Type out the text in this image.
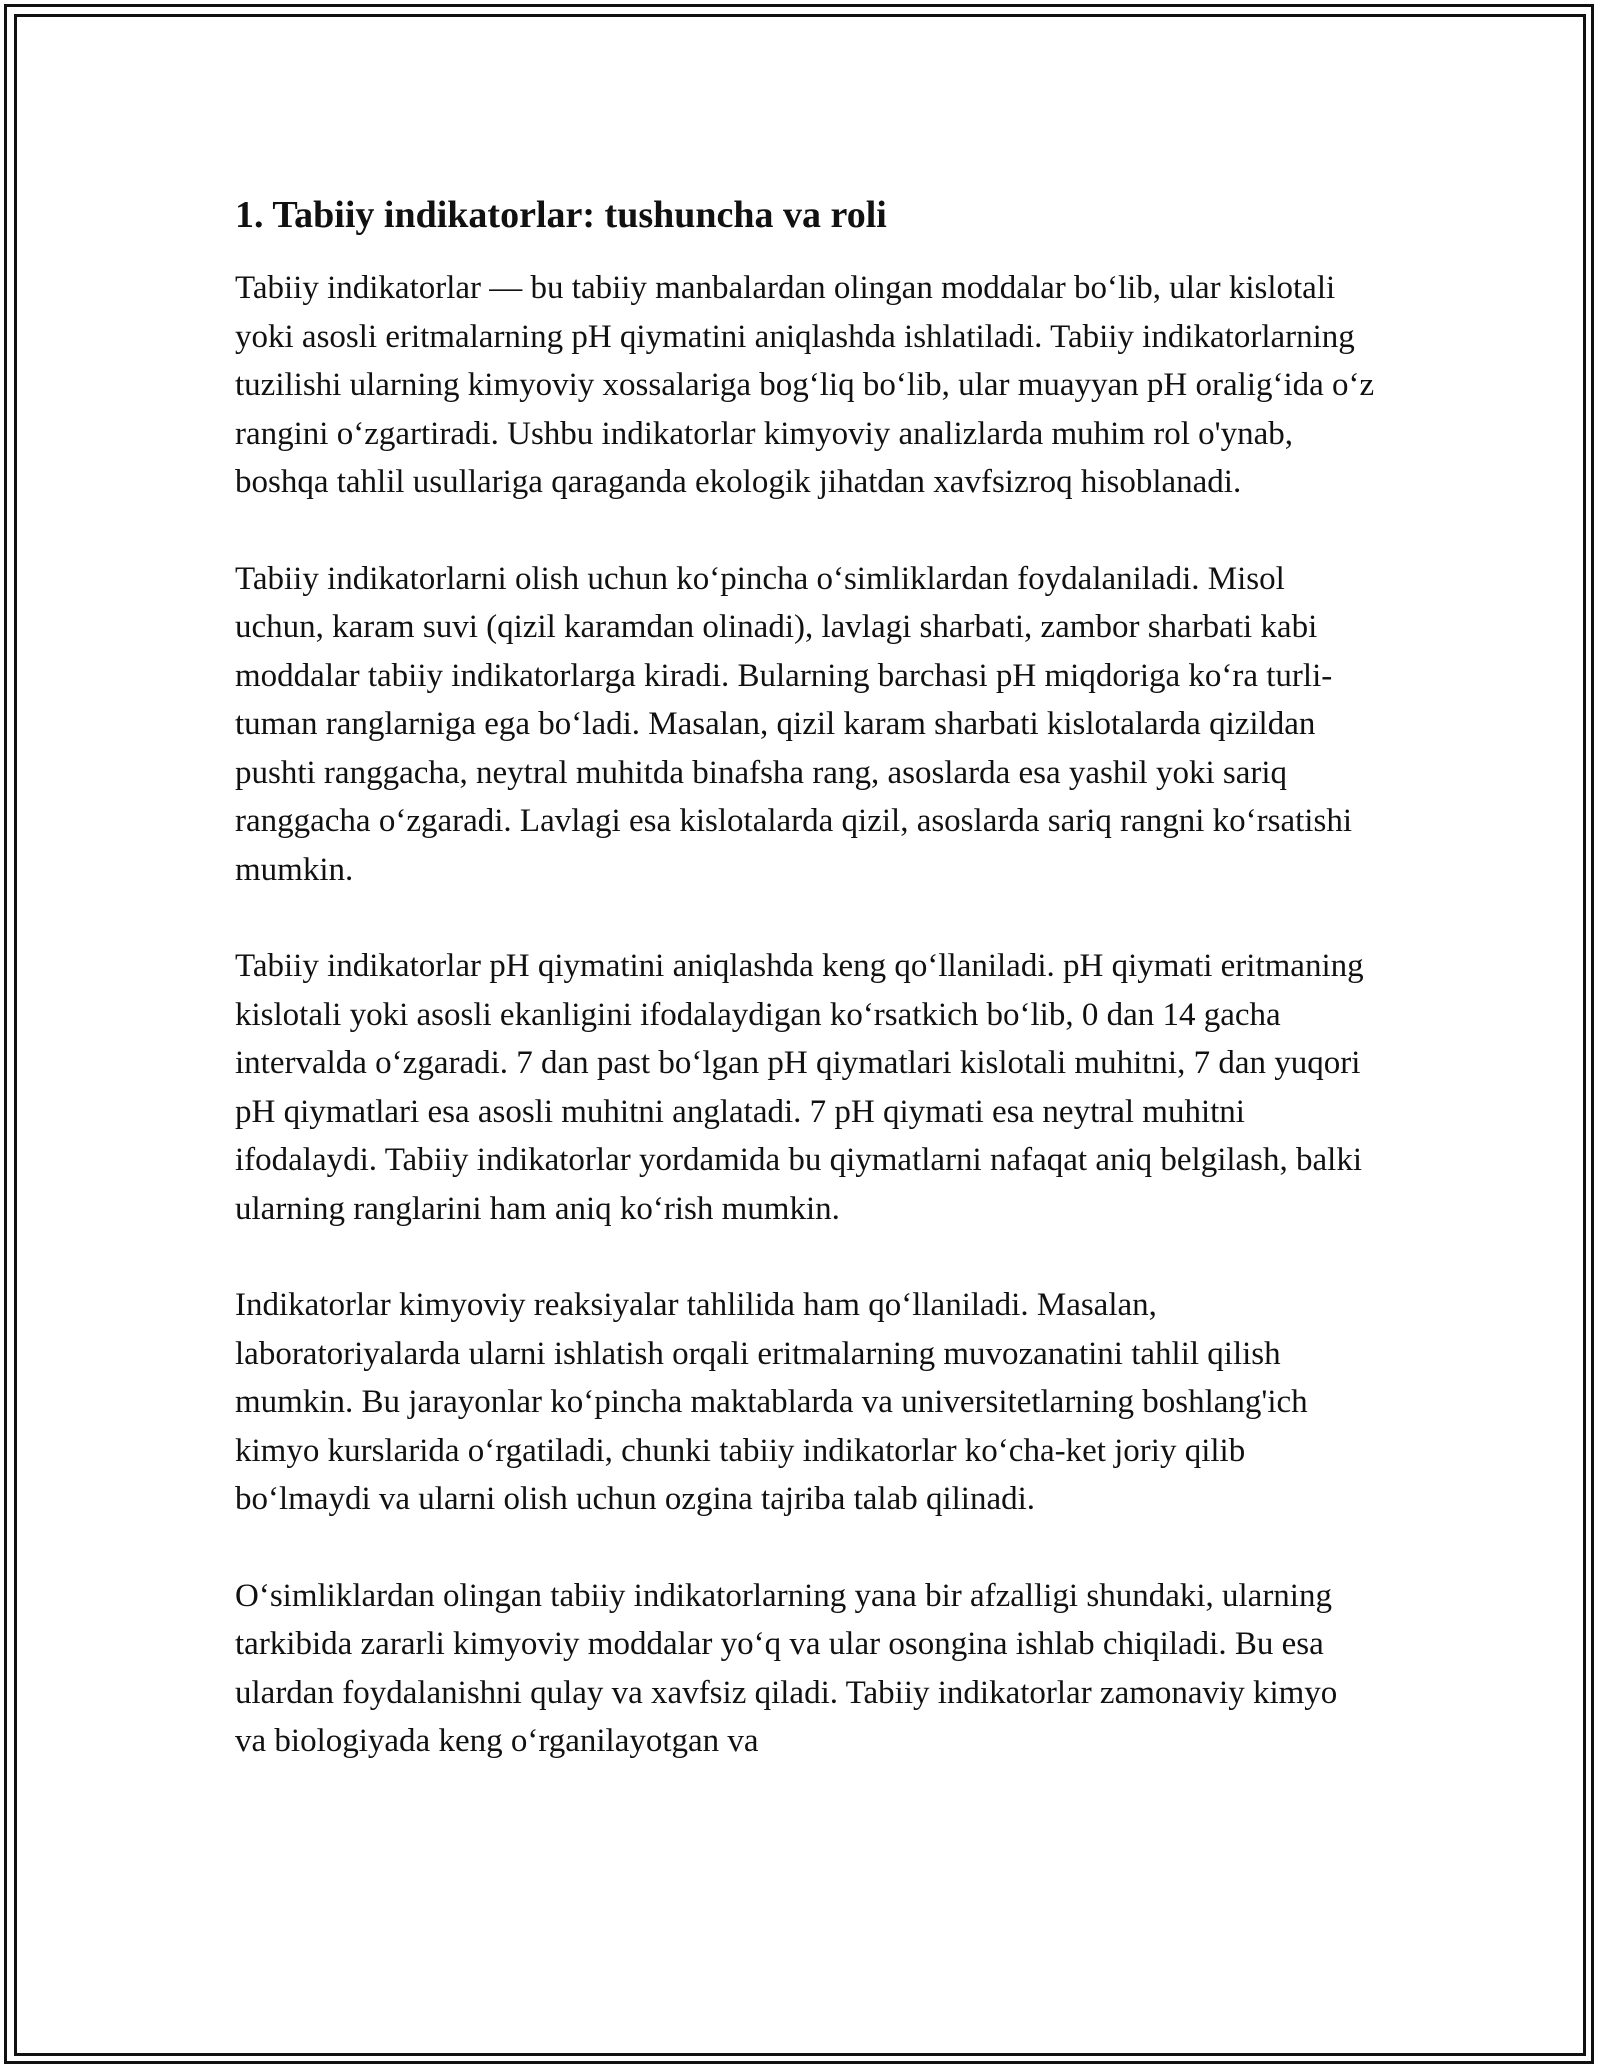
1. Tabiiy indikatorlar: tushuncha va roli

Tabiiy indikatorlar — bu tabiiy manbalardan olingan moddalar bo‘lib, ular kislotali yoki asosli eritmalarning pH qiymatini aniqlashda ishlatiladi. Tabiiy indikatorlarning tuzilishi ularning kimyoviy xossalariga bog‘liq bo‘lib, ular muayyan pH oralig‘ida o‘z rangini o‘zgartiradi. Ushbu indikatorlar kimyoviy analizlarda muhim rol o'ynab, boshqa tahlil usullariga qaraganda ekologik jihatdan xavfsizroq hisoblanadi.

Tabiiy indikatorlarni olish uchun ko‘pincha o‘simliklardan foydalaniladi. Misol uchun, karam suvi (qizil karamdan olinadi), lavlagi sharbati, zambor sharbati kabi moddalar tabiiy indikatorlarga kiradi. Bularning barchasi pH miqdoriga ko‘ra turli-tuman ranglarniga ega bo‘ladi. Masalan, qizil karam sharbati kislotalarda qizildan pushti ranggacha, neytral muhitda binafsha rang, asoslarda esa yashil yoki sariq ranggacha o‘zgaradi. Lavlagi esa kislotalarda qizil, asoslarda sariq rangni ko‘rsatishi mumkin.

Tabiiy indikatorlar pH qiymatini aniqlashda keng qo‘llaniladi. pH qiymati eritmaning kislotali yoki asosli ekanligini ifodalaydigan ko‘rsatkich bo‘lib, 0 dan 14 gacha intervalda o‘zgaradi. 7 dan past bo‘lgan pH qiymatlari kislotali muhitni, 7 dan yuqori pH qiymatlari esa asosli muhitni anglatadi. 7 pH qiymati esa neytral muhitni ifodalaydi. Tabiiy indikatorlar yordamida bu qiymatlarni nafaqat aniq belgilash, balki ularning ranglarini ham aniq ko‘rish mumkin.

Indikatorlar kimyoviy reaksiyalar tahlilida ham qo‘llaniladi. Masalan, laboratoriyalarda ularni ishlatish orqali eritmalarning muvozanatini tahlil qilish mumkin. Bu jarayonlar ko‘pincha maktablarda va universitetlarning boshlang'ich kimyo kurslarida o‘rgatiladi, chunki tabiiy indikatorlar ko‘cha-ket joriy qilib bo‘lmaydi va ularni olish uchun ozgina tajriba talab qilinadi.

O‘simliklardan olingan tabiiy indikatorlarning yana bir afzalligi shundaki, ularning tarkibida zararli kimyoviy moddalar yo‘q va ular osongina ishlab chiqiladi. Bu esa ulardan foydalanishni qulay va xavfsiz qiladi. Tabiiy indikatorlar zamonaviy kimyo va biologiyada keng o‘rganilayotgan va
